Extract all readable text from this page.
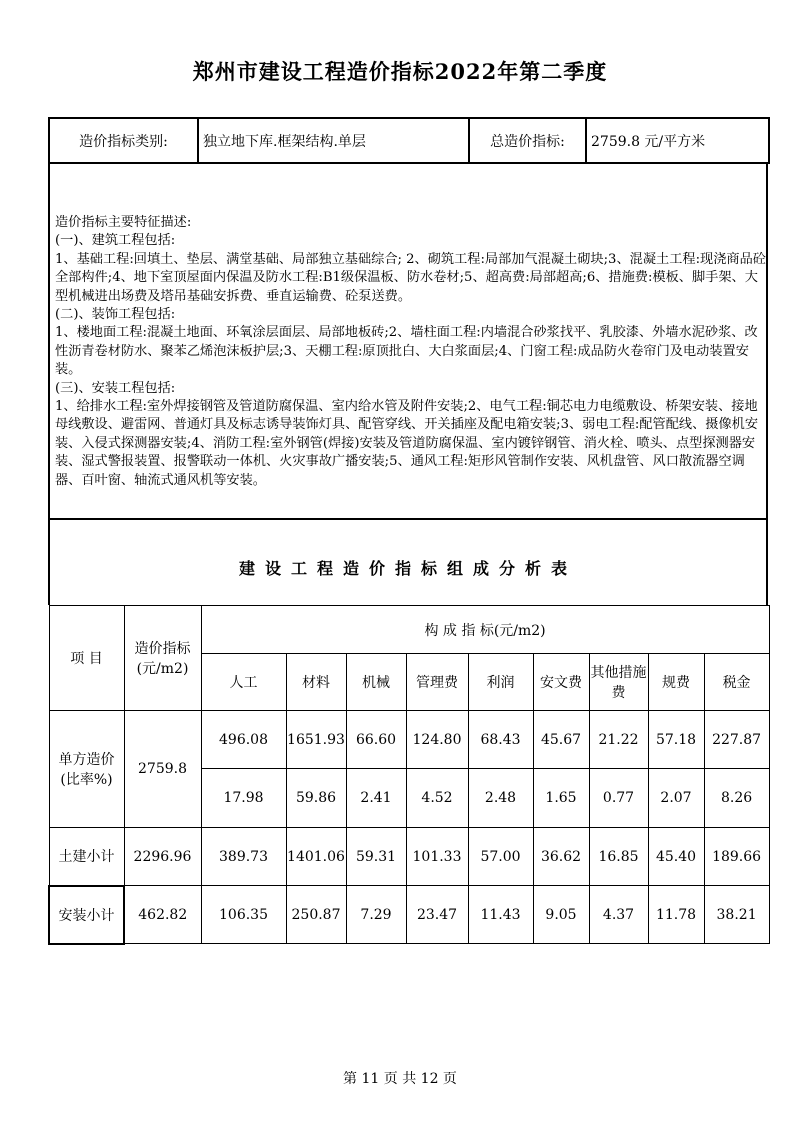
郑州市建设工程造价指标2022年第二季度
造价指标类别:	独立地下库.框架结构.单层	总造价指标:	2759.8 元/平方米
造价指标主要特征描述:
(一)、建筑工程包括:
1、基础工程:回填土、垫层、满堂基础、局部独立基础综合; 2、砌筑工程:局部加气混凝土砌块;3、混凝土工程:现浇商品砼全部构件;4、地下室顶屋面内保温及防水工程:B1级保温板、防水卷材;5、超高费:局部超高;6、措施费:模板、脚手架、大型机械进出场费及塔吊基础安拆费、垂直运输费、砼泵送费。
(二)、装饰工程包括:
1、楼地面工程:混凝土地面、环氧涂层面层、局部地板砖;2、墙柱面工程:内墙混合砂浆找平、乳胶漆、外墙水泥砂浆、改性沥青卷材防水、聚苯乙烯泡沫板护层;3、天棚工程:原顶批白、大白浆面层;4、门窗工程:成品防火卷帘门及电动装置安装。
(三)、安装工程包括:
1、给排水工程:室外焊接钢管及管道防腐保温、室内给水管及附件安装;2、电气工程:铜芯电力电缆敷设、桥架安装、接地母线敷设、避雷网、普通灯具及标志诱导装饰灯具、配管穿线、开关插座及配电箱安装;3、弱电工程:配管配线、摄像机安装、入侵式探测器安装;4、消防工程:室外钢管(焊接)安装及管道防腐保温、室内镀锌钢管、消火栓、喷头、点型探测器安装、湿式警报装置、报警联动一体机、火灾事故广播安装;5、通风工程:矩形风管制作安装、风机盘管、风口散流器空调器、百叶窗、轴流式通风机等安装。
建设工程造价指标组成分析表
项 目	造价指标(元/m2)	构 成 指 标(元/m2)								
		人工	材料	机械	管理费	利润	安文费	其他措施费	规费	税金
单方造价(比率%)	2759.8	496.08	1651.93	66.60	124.80	68.43	45.67	21.22	57.18	227.87
		17.98	59.86	2.41	4.52	2.48	1.65	0.77	2.07	8.26
土建小计	2296.96	389.73	1401.06	59.31	101.33	57.00	36.62	16.85	45.40	189.66
安装小计	462.82	106.35	250.87	7.29	23.47	11.43	9.05	4.37	11.78	38.21
第 11 页 共 12 页
